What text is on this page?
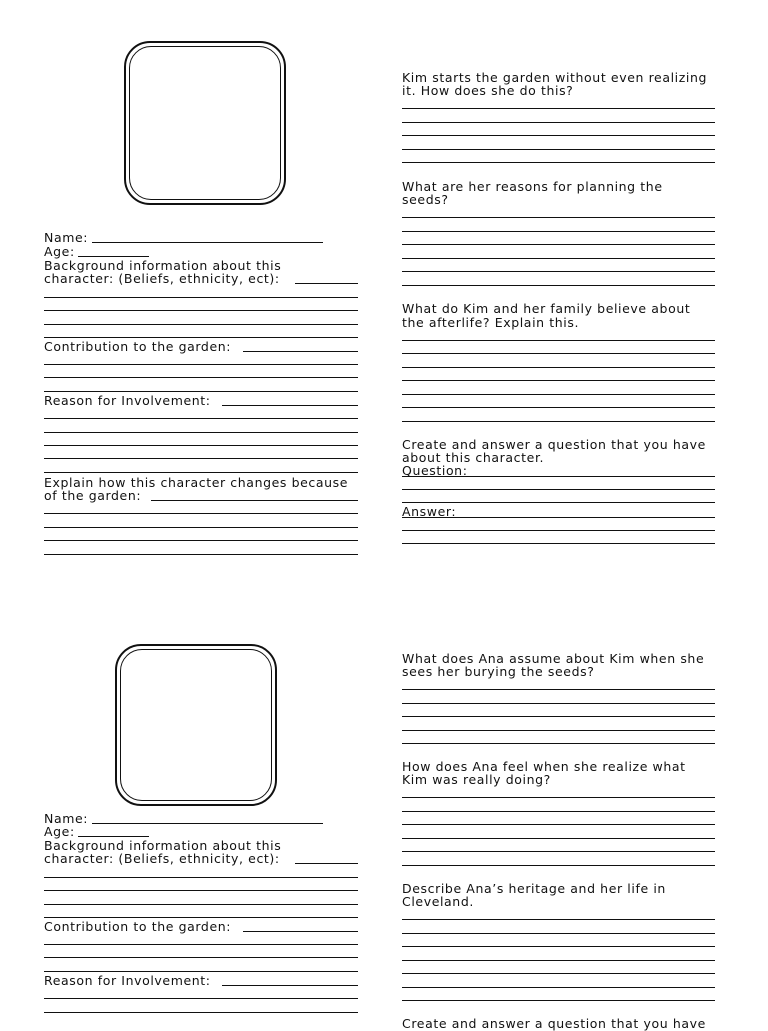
Name:
Age:
Background information about this
character: (Beliefs, ethnicity, ect):
Contribution to the garden:
Reason for Involvement:
Explain how this character changes because
of the garden:
Kim starts the garden without even realizing
it. How does she do this?
What are her reasons for planning the
seeds?
What do Kim and her family believe about
the afterlife? Explain this.
Create and answer a question that you have
about this character.
Question:
Answer:
Name:
Age:
Background information about this
character: (Beliefs, ethnicity, ect):
Contribution to the garden:
Reason for Involvement:
What does Ana assume about Kim when she
sees her burying the seeds?
How does Ana feel when she realize what
Kim was really doing?
Describe Ana’s heritage and her life in
Cleveland.
Create and answer a question that you have
